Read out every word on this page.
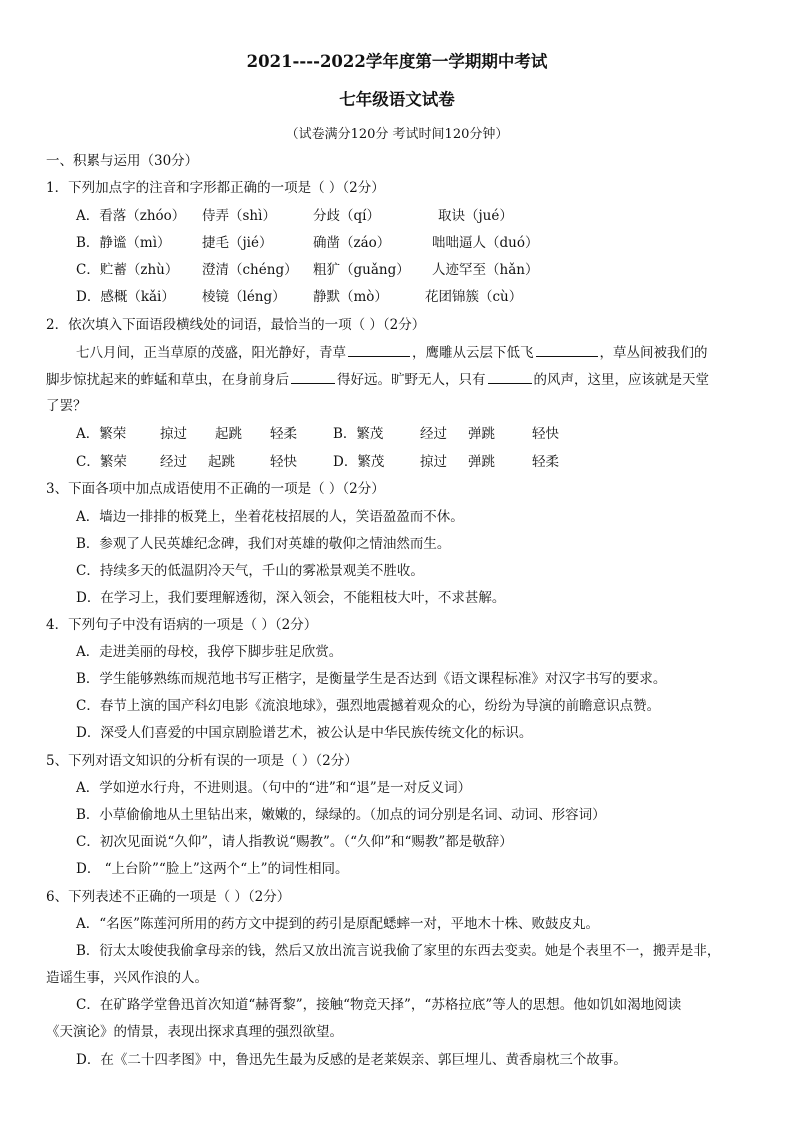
2021----2022学年度第一学期期中考试
七年级语文试卷
（试卷满分120分 考试时间120分钟）
一、积累与运用（30分）
1．下列加点字的注音和字形都正确的一项是（ ）（2分）
A．看落（zhóo） 侍弄（shì）	分歧（qí）	取诀（jué）
B．静谧（mì） 捷毛（jié）	确凿（záo）	咄咄逼人（duó）
C．贮蓄（zhù） 澄清（chéng） 粗犷（guǎng） 人迹罕至（hǎn）
D．感概（kǎi） 棱镜（léng） 静默（mò）	花团锦簇（cù）
2．依次填入下面语段横线处的词语，最恰当的一项（ ）（2分）
七八月间，正当草原的茂盛，阳光静好，青草	，鹰雕从云层下低飞	，草丛间被我们的
脚步惊扰起来的蚱蜢和草虫，在身前身后	得好远。旷野无人，只有	的风声，这里，应该就是天堂
了罢？
A．繁荣	掠过 起跳 轻柔	B．繁茂	经过 弹跳	轻快
C．繁荣 经过 起跳	轻快	D．繁茂	掠过 弹跳	轻柔
3、下面各项中加点成语使用不正确的一项是（ ）（2分）
A．墙边一排排的板凳上，坐着花枝招展的人，笑语盈盈而不休。
B．参观了人民英雄纪念碑，我们对英雄的敬仰之情油然而生。
C．持续多天的低温阴冷天气，千山的雾凇景观美不胜收。
D．在学习上，我们要理解透彻，深入领会，不能粗枝大叶，不求甚解。
4．下列句子中没有语病的一项是（ ）（2分）
A．走进美丽的母校，我停下脚步驻足欣赏。
B．学生能够熟练而规范地书写正楷字，是衡量学生是否达到《语文课程标准》对汉字书写的要求。
C．春节上演的国产科幻电影《流浪地球》，强烈地震撼着观众的心，纷纷为导演的前瞻意识点赞。
D．深受人们喜爱的中国京剧脸谱艺术，被公认是中华民族传统文化的标识。
5、下列对语文知识的分析有误的一项是（ ）（2分）
A．学如逆水行舟，不进则退。（句中的“进”和“退”是一对反义词）
B．小草偷偷地从土里钻出来，嫩嫩的，绿绿的。（加点的词分别是名词、动词、形容词）
C．初次见面说“久仰”，请人指教说“赐教”。（“久仰”和“赐教”都是敬辞）
D． “上台阶”“脸上”这两个“上”的词性相同。
6、下列表述不正确的一项是（ ）（2分）
A．“名医”陈莲河所用的药方文中提到的药引是原配蟋蟀一对，平地木十株、败鼓皮丸。
B．衍太太唆使我偷拿母亲的钱，然后又放出流言说我偷了家里的东西去变卖。她是个表里不一，搬弄是非，
造谣生事，兴风作浪的人。
C．在矿路学堂鲁迅首次知道“赫胥黎”，接触“物竞天择”，“苏格拉底”等人的思想。他如饥如渴地阅读
《天演论》的情景，表现出探求真理的强烈欲望。
D．在《二十四孝图》中，鲁迅先生最为反感的是老莱娱亲、郭巨埋儿、黄香扇枕三个故事。
